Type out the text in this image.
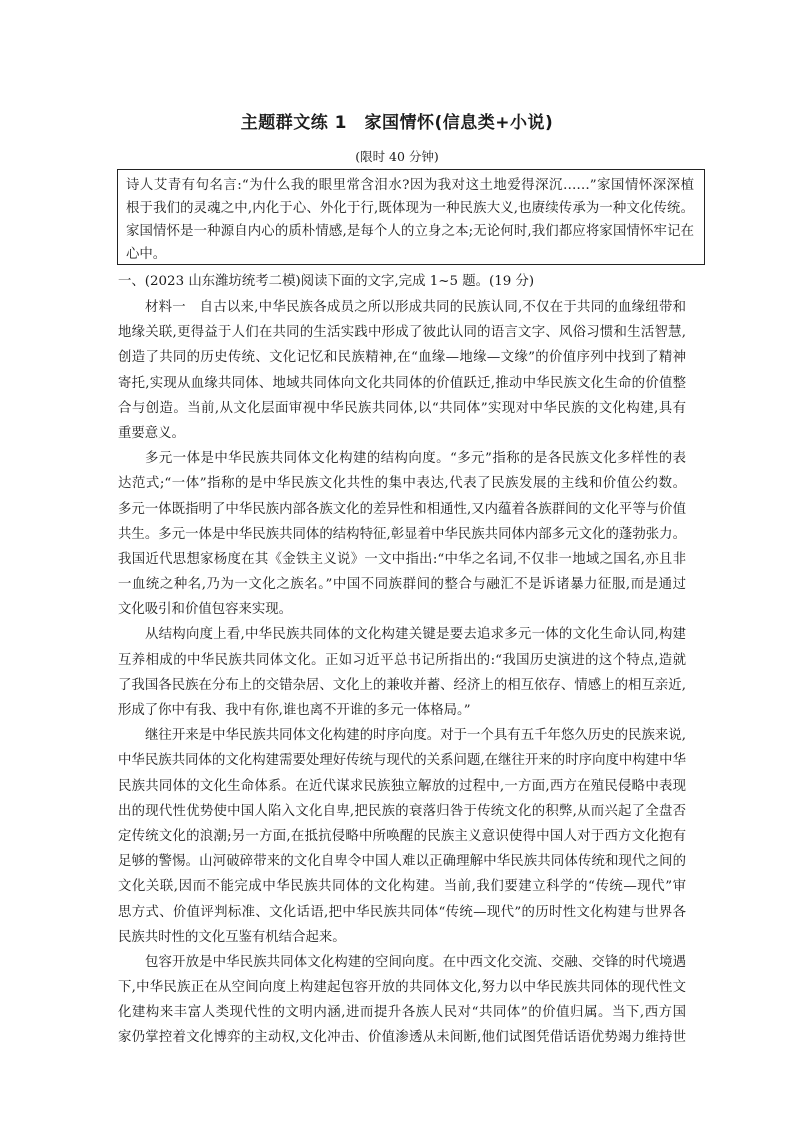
主题群文练 1　家国情怀(信息类+小说)
(限时 40 分钟)
诗人艾青有句名言:“为什么我的眼里常含泪水?因为我对这土地爱得深沉……”家国情怀深深植
根于我们的灵魂之中,内化于心、外化于行,既体现为一种民族大义,也赓续传承为一种文化传统。
家国情怀是一种源自内心的质朴情感,是每个人的立身之本;无论何时,我们都应将家国情怀牢记在
心中。
一、(2023 山东潍坊统考二模)阅读下面的文字,完成 1~5 题。(19 分)
材料一　自古以来,中华民族各成员之所以形成共同的民族认同,不仅在于共同的血缘纽带和
地缘关联,更得益于人们在共同的生活实践中形成了彼此认同的语言文字、风俗习惯和生活智慧,
创造了共同的历史传统、文化记忆和民族精神,在“血缘—地缘—文缘”的价值序列中找到了精神
寄托,实现从血缘共同体、地域共同体向文化共同体的价值跃迁,推动中华民族文化生命的价值整
合与创造。当前,从文化层面审视中华民族共同体,以“共同体”实现对中华民族的文化构建,具有
重要意义。
多元一体是中华民族共同体文化构建的结构向度。“多元”指称的是各民族文化多样性的表
达范式;“一体”指称的是中华民族文化共性的集中表达,代表了民族发展的主线和价值公约数。
多元一体既指明了中华民族内部各族文化的差异性和相通性,又内蕴着各族群间的文化平等与价值
共生。多元一体是中华民族共同体的结构特征,彰显着中华民族共同体内部多元文化的蓬勃张力。
我国近代思想家杨度在其《金铁主义说》一文中指出:“中华之名词,不仅非一地域之国名,亦且非
一血统之种名,乃为一文化之族名。”中国不同族群间的整合与融汇不是诉诸暴力征服,而是通过
文化吸引和价值包容来实现。
从结构向度上看,中华民族共同体的文化构建关键是要去追求多元一体的文化生命认同,构建
互养相成的中华民族共同体文化。正如习近平总书记所指出的:“我国历史演进的这个特点,造就
了我国各民族在分布上的交错杂居、文化上的兼收并蓄、经济上的相互依存、情感上的相互亲近,
形成了你中有我、我中有你,谁也离不开谁的多元一体格局。”
继往开来是中华民族共同体文化构建的时序向度。对于一个具有五千年悠久历史的民族来说,
中华民族共同体的文化构建需要处理好传统与现代的关系问题,在继往开来的时序向度中构建中华
民族共同体的文化生命体系。在近代谋求民族独立解放的过程中,一方面,西方在殖民侵略中表现
出的现代性优势使中国人陷入文化自卑,把民族的衰落归咎于传统文化的积弊,从而兴起了全盘否
定传统文化的浪潮;另一方面,在抵抗侵略中所唤醒的民族主义意识使得中国人对于西方文化抱有
足够的警惕。山河破碎带来的文化自卑令中国人难以正确理解中华民族共同体传统和现代之间的
文化关联,因而不能完成中华民族共同体的文化构建。当前,我们要建立科学的“传统—现代”审
思方式、价值评判标准、文化话语,把中华民族共同体“传统—现代”的历时性文化构建与世界各
民族共时性的文化互鉴有机结合起来。
包容开放是中华民族共同体文化构建的空间向度。在中西文化交流、交融、交锋的时代境遇
下,中华民族正在从空间向度上构建起包容开放的共同体文化,努力以中华民族共同体的现代性文
化建构来丰富人类现代性的文明内涵,进而提升各族人民对“共同体”的价值归属。当下,西方国
家仍掌控着文化博弈的主动权,文化冲击、价值渗透从未间断,他们试图凭借话语优势竭力维持世
